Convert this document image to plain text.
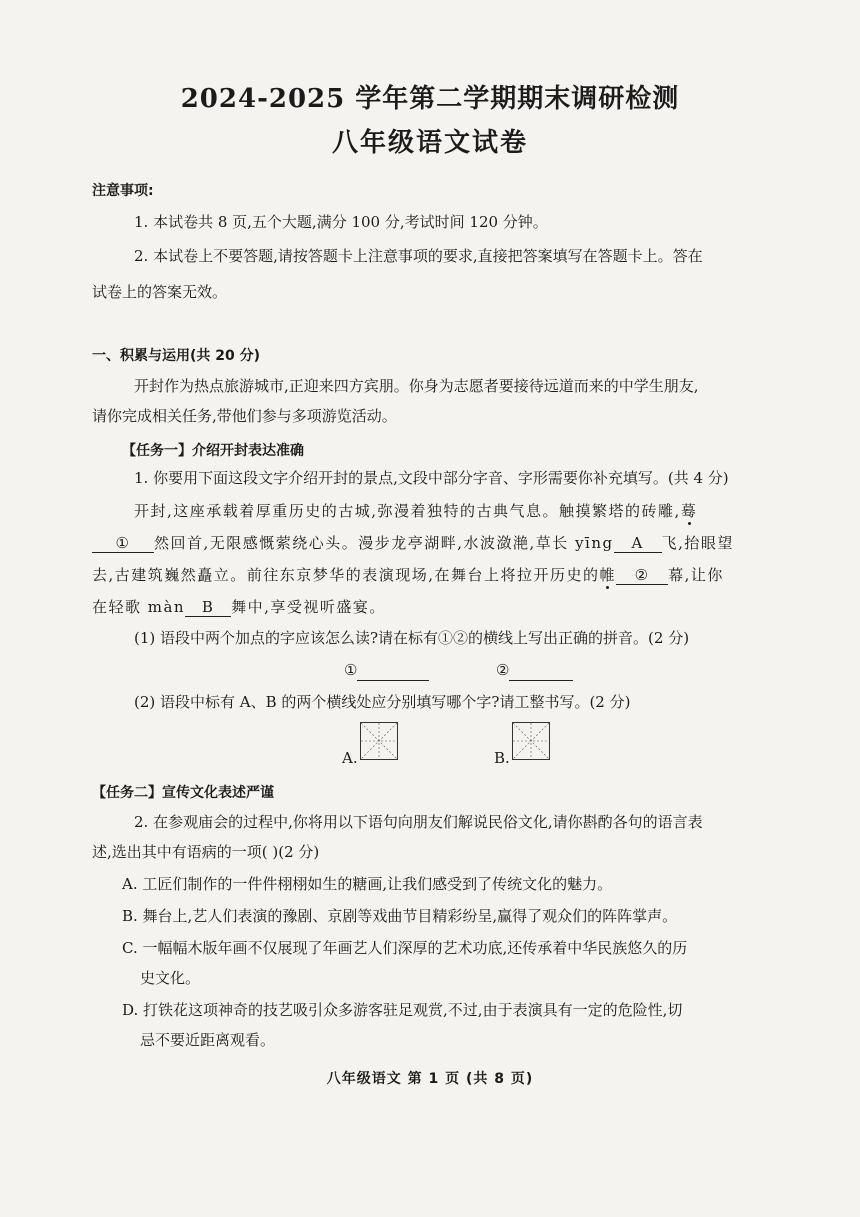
2024-2025 学年第二学期期末调研检测
八年级语文试卷
注意事项:
1. 本试卷共 8 页,五个大题,满分 100 分,考试时间 120 分钟。
2. 本试卷上不要答题,请按答题卡上注意事项的要求,直接把答案填写在答题卡上。答在
试卷上的答案无效。
一、积累与运用(共 20 分)
开封作为热点旅游城市,正迎来四方宾朋。你身为志愿者要接待远道而来的中学生朋友,
请你完成相关任务,带他们参与多项游览活动。
【任务一】介绍开封表达准确
1. 你要用下面这段文字介绍开封的景点,文段中部分字音、字形需要你补充填写。(共 4 分)
开封,这座承载着厚重历史的古城,弥漫着独特的古典气息。触摸繁塔的砖雕,蓦
① 然回首,无限感慨萦绕心头。漫步龙亭湖畔,水波潋滟,草长 yīng A 飞,抬眼望
去,古建筑巍然矗立。前往东京梦华的表演现场,在舞台上将拉开历史的帷 ② 幕,让你
在轻歌 màn B 舞中,享受视听盛宴。
(1) 语段中两个加点的字应该怎么读?请在标有①②的横线上写出正确的拼音。(2 分)
①	②
(2) 语段中标有 A、B 的两个横线处应分别填写哪个字?请工整书写。(2 分)
A.	B.
【任务二】宣传文化表述严谨
2. 在参观庙会的过程中,你将用以下语句向朋友们解说民俗文化,请你斟酌各句的语言表
述,选出其中有语病的一项( )(2 分)
A. 工匠们制作的一件件栩栩如生的糖画,让我们感受到了传统文化的魅力。
B. 舞台上,艺人们表演的豫剧、京剧等戏曲节目精彩纷呈,赢得了观众们的阵阵掌声。
C. 一幅幅木版年画不仅展现了年画艺人们深厚的艺术功底,还传承着中华民族悠久的历
史文化。
D. 打铁花这项神奇的技艺吸引众多游客驻足观赏,不过,由于表演具有一定的危险性,切
忌不要近距离观看。
八年级语文 第 1 页 (共 8 页)
